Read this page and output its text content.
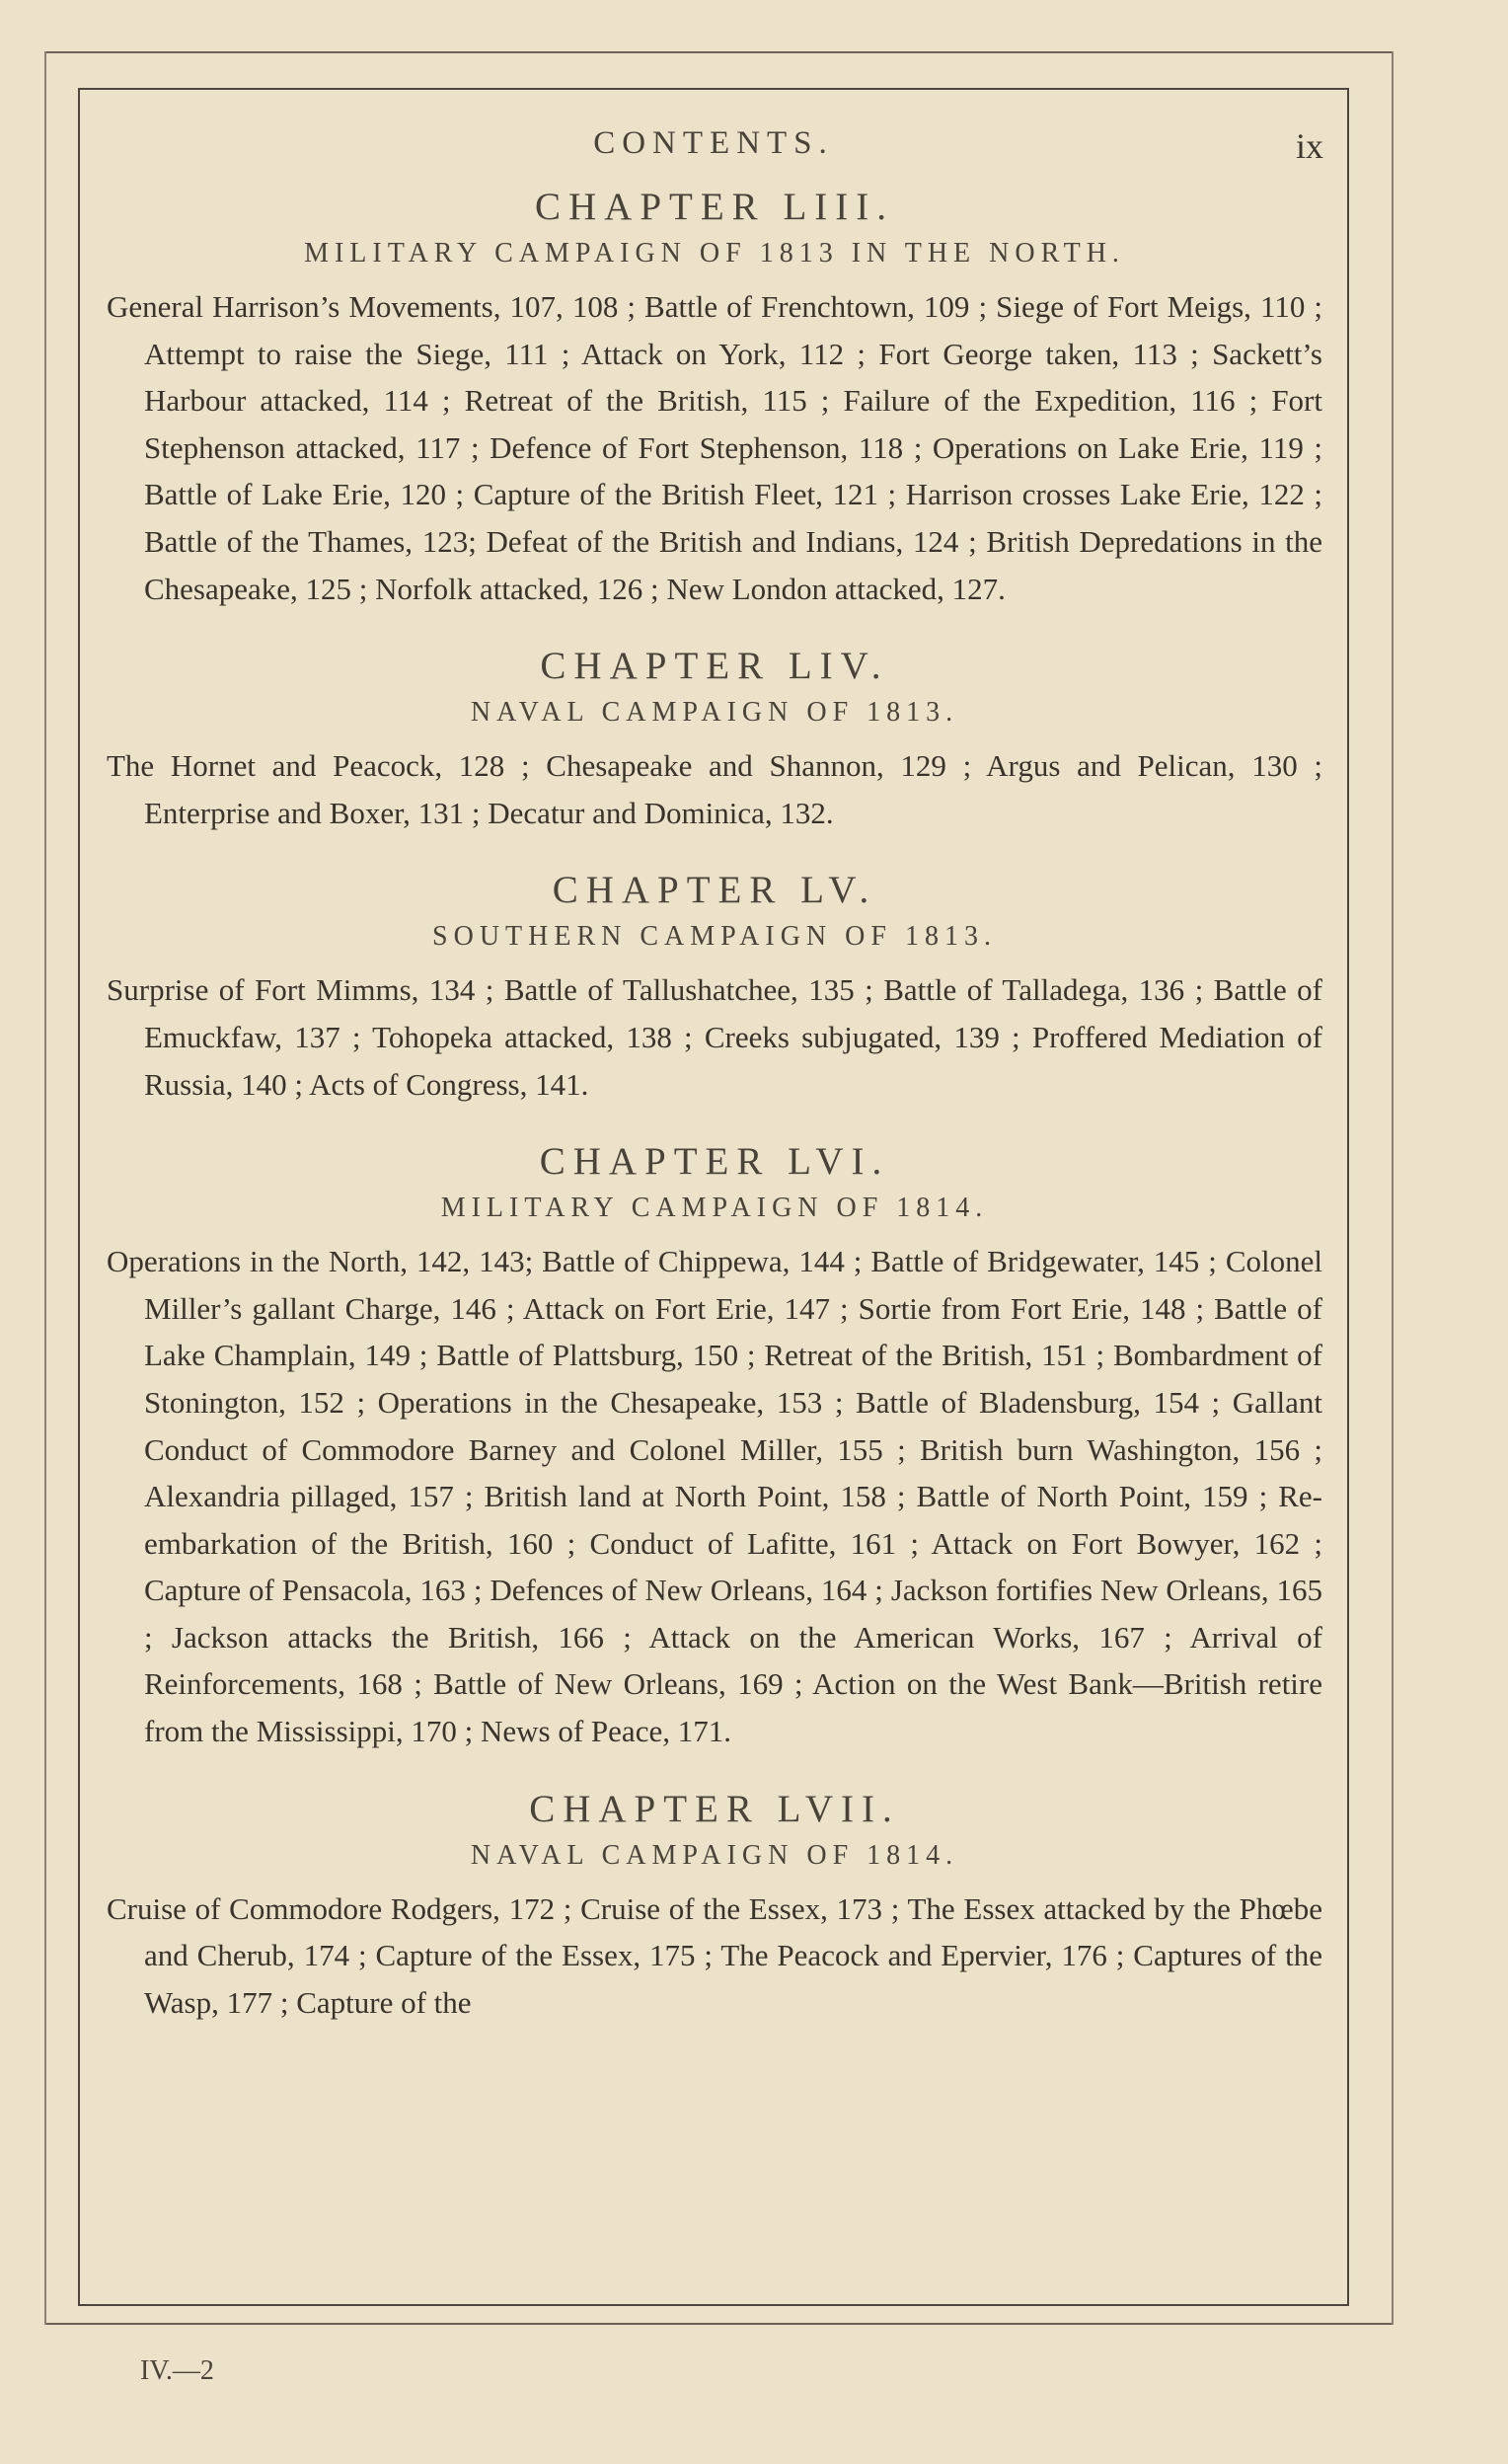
CONTENTS.	ix
CHAPTER LIII.
MILITARY CAMPAIGN OF 1813 IN THE NORTH.
General Harrison’s Movements, 107, 108 ; Battle of Frenchtown, 109 ; Siege of Fort Meigs, 110 ; Attempt to raise the Siege, 111 ; Attack on York, 112 ; Fort George taken, 113 ; Sackett’s Harbour attacked, 114 ; Retreat of the British, 115 ; Failure of the Expedition, 116 ; Fort Stephenson attacked, 117 ; Defence of Fort Stephenson, 118 ; Operations on Lake Erie, 119 ; Battle of Lake Erie, 120 ; Capture of the British Fleet, 121 ; Harrison crosses Lake Erie, 122 ; Battle of the Thames, 123; Defeat of the British and Indians, 124 ; British Depredations in the Chesapeake, 125 ; Norfolk attacked, 126 ; New London attacked, 127.
CHAPTER LIV.
NAVAL CAMPAIGN OF 1813.
The Hornet and Peacock, 128 ; Chesapeake and Shannon, 129 ; Argus and Pelican, 130 ; Enterprise and Boxer, 131 ; Decatur and Dominica, 132.
CHAPTER LV.
SOUTHERN CAMPAIGN OF 1813.
Surprise of Fort Mimms, 134 ; Battle of Tallushatchee, 135 ; Battle of Talladega, 136 ; Battle of Emuckfaw, 137 ; Tohopeka attacked, 138 ; Creeks subjugated, 139 ; Proffered Mediation of Russia, 140 ; Acts of Congress, 141.
CHAPTER LVI.
MILITARY CAMPAIGN OF 1814.
Operations in the North, 142, 143; Battle of Chippewa, 144 ; Battle of Bridgewater, 145 ; Colonel Miller’s gallant Charge, 146 ; Attack on Fort Erie, 147 ; Sortie from Fort Erie, 148 ; Battle of Lake Champlain, 149 ; Battle of Plattsburg, 150 ; Retreat of the British, 151 ; Bombardment of Stonington, 152 ; Operations in the Chesapeake, 153 ; Battle of Bladensburg, 154 ; Gallant Conduct of Commodore Barney and Colonel Miller, 155 ; British burn Washington, 156 ; Alexandria pillaged, 157 ; British land at North Point, 158 ; Battle of North Point, 159 ; Re-embarkation of the British, 160 ; Conduct of Lafitte, 161 ; Attack on Fort Bowyer, 162 ; Capture of Pensacola, 163 ; Defences of New Orleans, 164 ; Jackson fortifies New Orleans, 165 ; Jackson attacks the British, 166 ; Attack on the American Works, 167 ; Arrival of Reinforcements, 168 ; Battle of New Orleans, 169 ; Action on the West Bank—British retire from the Mississippi, 170 ; News of Peace, 171.
CHAPTER LVII.
NAVAL CAMPAIGN OF 1814.
Cruise of Commodore Rodgers, 172 ; Cruise of the Essex, 173 ; The Essex attacked by the Phœbe and Cherub, 174 ; Capture of the Essex, 175 ; The Peacock and Epervier, 176 ; Captures of the Wasp, 177 ; Capture of the
IV.—2
